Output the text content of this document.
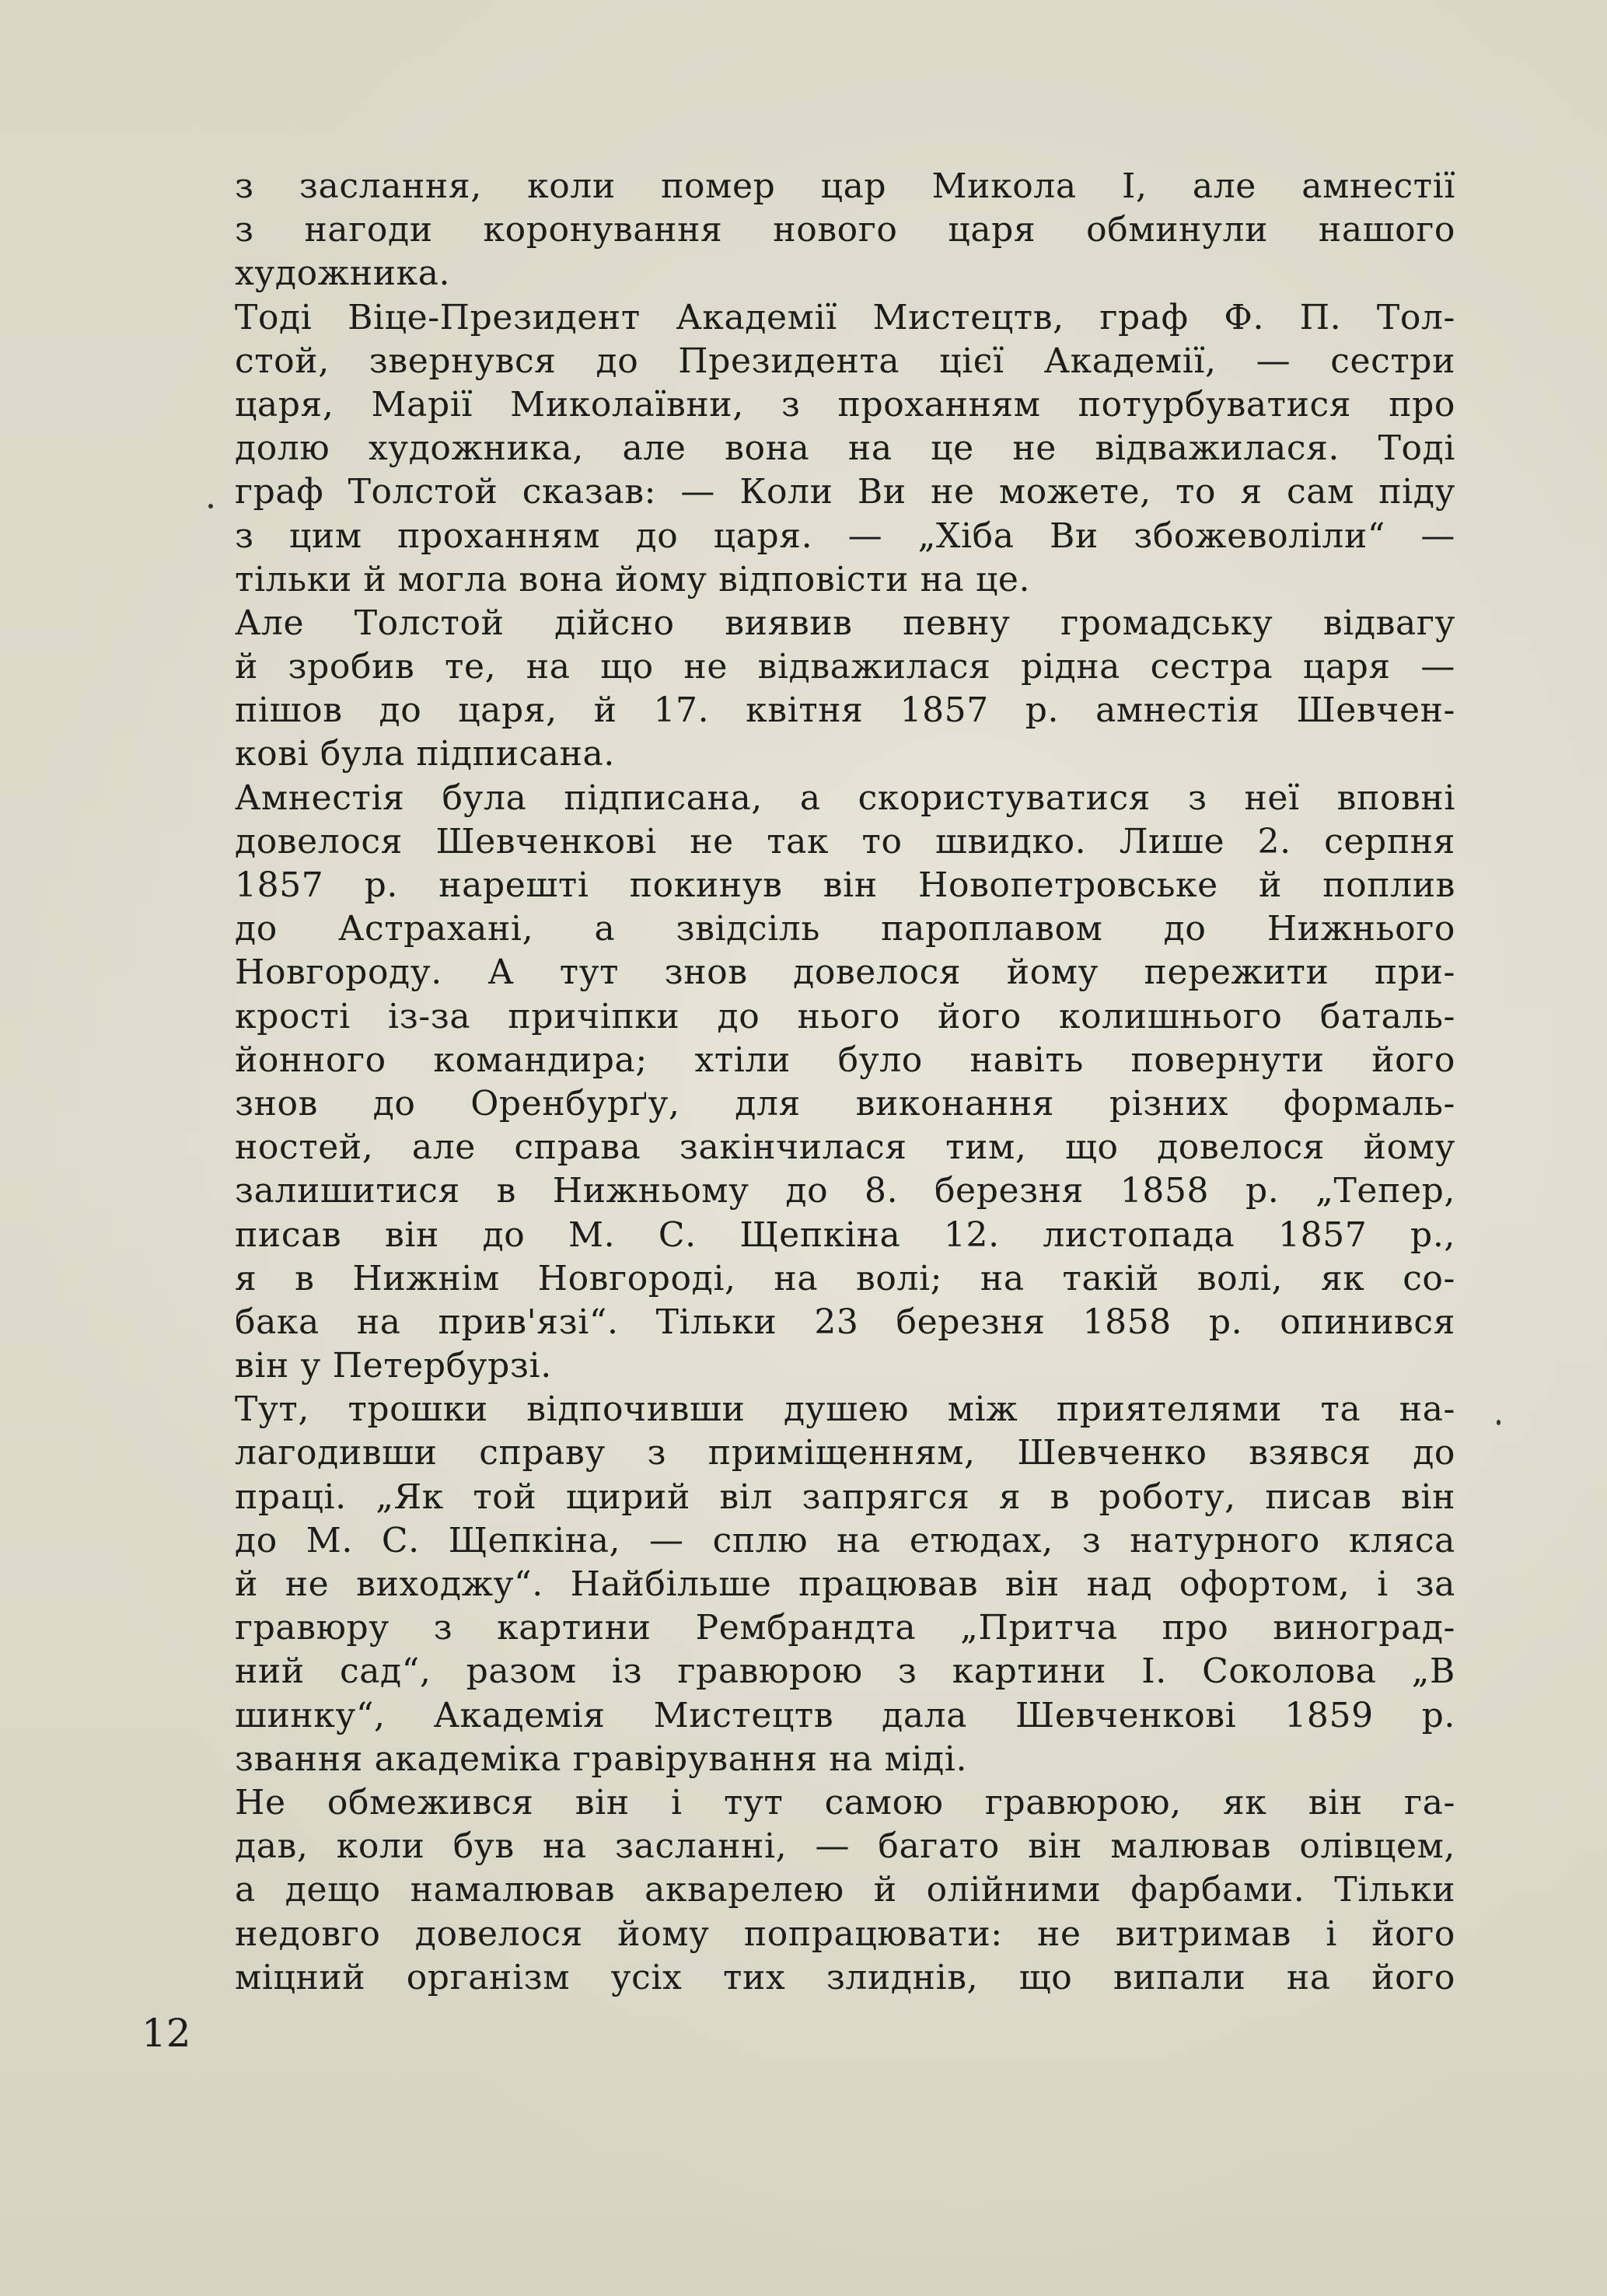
з заслання, коли помер цар Микола І, але амнестії
з нагоди коронування нового царя обминули нашого
художника.
Тоді Віце-Президент Академії Мистецтв, граф Ф. П. Тол-
стой, звернувся до Президента цієї Академії, — сестри
царя, Марії Миколаївни, з проханням потурбуватися про
долю художника, але вона на це не відважилася. Тоді
граф Толстой сказав: — Коли Ви не можете, то я сам піду
з цим проханням до царя. — „Хіба Ви збожеволіли“ —
тільки й могла вона йому відповісти на це.
Але Толстой дійсно виявив певну громадську відвагу
й зробив те, на що не відважилася рідна сестра царя —
пішов до царя, й 17. квітня 1857 р. амнестія Шевчен-
кові була підписана.
Амнестія була підписана, а скористуватися з неї вповні
довелося Шевченкові не так то швидко. Лише 2. серпня
1857 р. нарешті покинув він Новопетровське й поплив
до Астрахані, а звідсіль пароплавом до Нижнього
Новгороду. А тут знов довелося йому пережити при-
крості із-за причіпки до нього його колишнього баталь-
йонного командира; хтіли було навіть повернути його
знов до Оренбурґу, для виконання різних формаль-
ностей, але справа закінчилася тим, що довелося йому
залишитися в Нижньому до 8. березня 1858 р. „Тепер,
писав він до М. С. Щепкіна 12. листопада 1857 р.,
я в Нижнім Новгороді, на волі; на такій волі, як со-
бака на прив'язі“. Тільки 23 березня 1858 р. опинився
він у Петербурзі.
Тут, трошки відпочивши душею між приятелями та на-
лагодивши справу з приміщенням, Шевченко взявся до
праці. „Як той щирий віл запрягся я в роботу, писав він
до М. С. Щепкіна, — сплю на етюдах, з натурного кляса
й не виходжу“. Найбільше працював він над офортом, і за
гравюру з картини Рембрандта „Притча про виноград-
ний сад“, разом із гравюрою з картини І. Соколова „В
шинку“, Академія Мистецтв дала Шевченкові 1859 р.
звання академіка гравірування на міді.
Не обмежився він і тут самою гравюрою, як він га-
дав, коли був на засланні, — багато він малював олівцем,
а дещо намалював акварелею й олійними фарбами. Тільки
недовго довелося йому попрацювати: не витримав і його
міцний організм усіх тих злиднів, що випали на його
12
